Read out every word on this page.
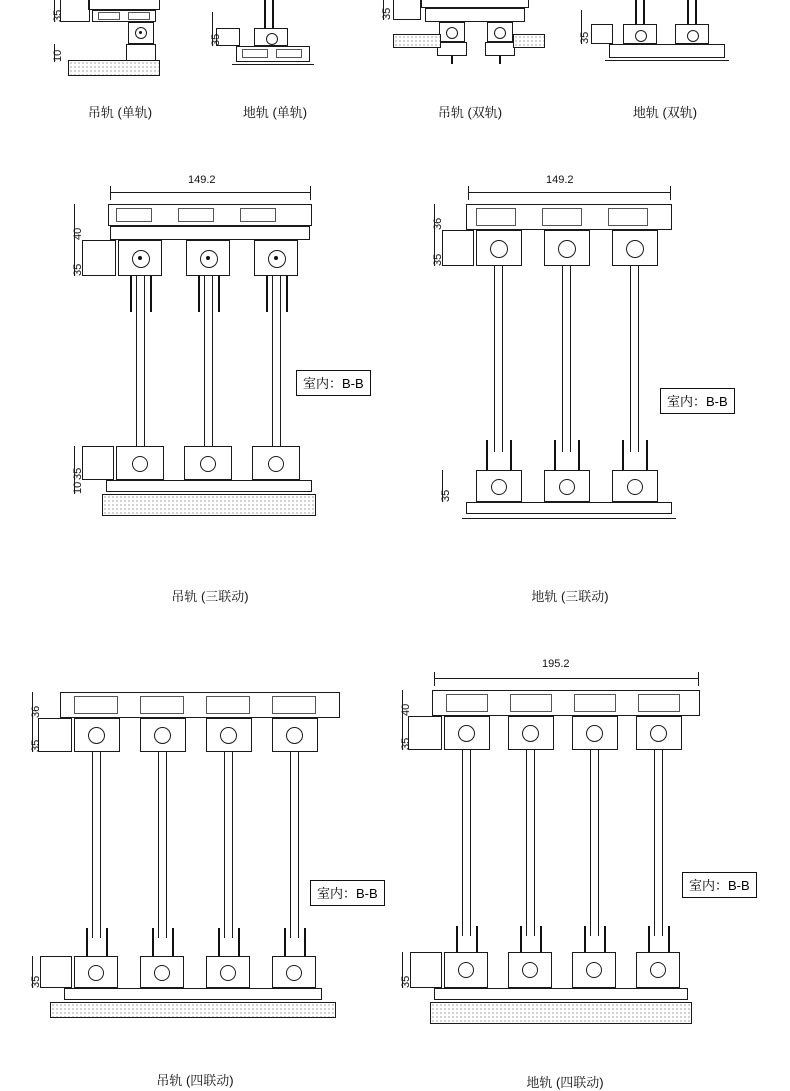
35
10
吊轨 (单轨)
35
地轨 (单轨)
35
吊轨 (双轨)
35
地轨 (双轨)
149.2
40
35
室内：B-B
35
10
吊轨 (三联动)
149.2
36
35
室内：B-B
35
地轨 (三联动)
36
35
室内：B-B
35
吊轨 (四联动)
195.2
40
35
室内：B-B
35
地轨 (四联动)
